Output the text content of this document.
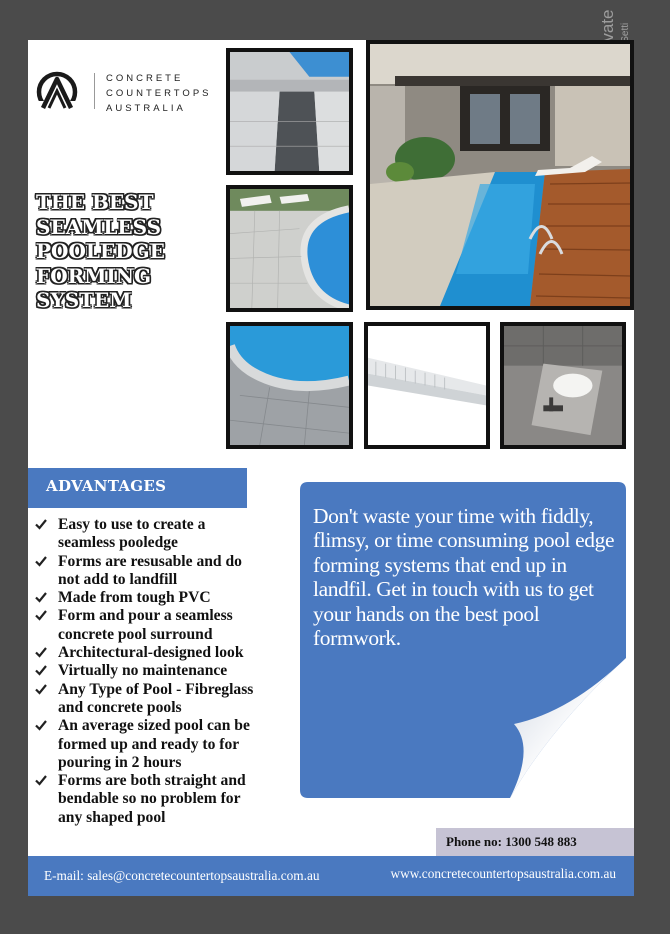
CONCRETE
COUNTERTOPS
AUSTRALIA
THE BEST
SEAMLESS
POOLEDGE
FORMING
SYSTEM
ADVANTAGES
Easy to use to create a
seamless pooledge
Forms are resusable and do
not add to landfill
Made from tough PVC
Form and pour a seamless
concrete pool surround
Architectural-designed look
Virtually no maintenance
Any Type of Pool - Fibreglass
and concrete pools
An average sized pool can be
formed up and ready to for
pouring in 2 hours
Forms are both straight and
bendable so no problem for
any shaped pool
Don't waste your time with fiddly, flimsy, or time consuming pool edge forming systems that end up in landfil. Get in touch with us to get your hands on the best pool formwork.
Phone no: 1300 548 883
E-mail: sales@concretecountertopsaustralia.com.au	www.concretecountertopsaustralia.com.au
